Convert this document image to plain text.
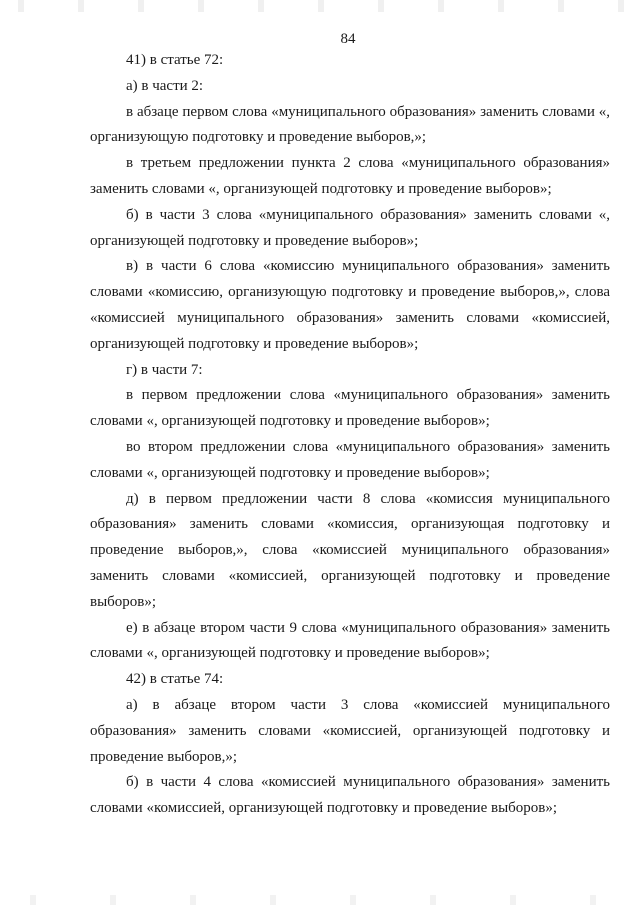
84

41) в статье 72:

а) в части 2:

в абзаце первом слова «муниципального образования» заменить словами «, организующую подготовку и проведение выборов,»;

в третьем предложении пункта 2 слова «муниципального образования» заменить словами «, организующей подготовку и проведение выборов»;

б) в части 3 слова «муниципального образования» заменить словами «, организующей подготовку и проведение выборов»;

в) в части 6 слова «комиссию муниципального образования» заменить словами «комиссию, организующую подготовку и проведение выборов,», слова «комиссией муниципального образования» заменить словами «комиссией, организующей подготовку и проведение выборов»;

г) в части 7:

в первом предложении слова «муниципального образования» заменить словами «, организующей подготовку и проведение выборов»;

во втором предложении слова «муниципального образования» заменить словами «, организующей подготовку и проведение выборов»;

д) в первом предложении части 8 слова «комиссия муниципального образования» заменить словами «комиссия, организующая подготовку и проведение выборов,», слова «комиссией муниципального образования» заменить словами «комиссией, организующей подготовку и проведение выборов»;

е) в абзаце втором части 9 слова «муниципального образования» заменить словами «, организующей подготовку и проведение выборов»;

42) в статье 74:

а) в абзаце втором части 3 слова «комиссией муниципального образования» заменить словами «комиссией, организующей подготовку и проведение выборов,»;

б) в части 4 слова «комиссией муниципального образования» заменить словами «комиссией, организующей подготовку и проведение выборов»;
